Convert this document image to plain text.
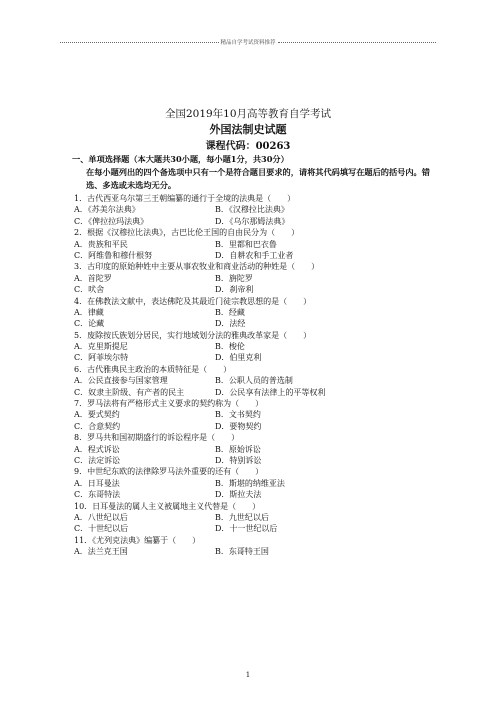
精品自学考试资料推荐
全国2019年10月高等教育自学考试
外国法制史试题
课程代码：00263
一、单项选择题（本大题共30小题，每小题1分，共30分）
在每小题列出的四个备选项中只有一个是符合题目要求的，请将其代码填写在题后的括号内。错选、多选或未选均无分。
1．古代西亚乌尔第三王朝编纂的通行于全境的法典是（　　）
A．《苏美尔法典》	B．《汉穆拉比法典》
C．《俾拉拉玛法典》	D．《乌尔那姆法典》
2．根据《汉穆拉比法典》，古巴比伦王国的自由民分为（　　）
A．贵族和平民	B．里都和巴衣鲁
C．阿维鲁和穆什根努	D．自耕农和手工业者
3．古印度的原始种姓中主要从事农牧业和商业活动的种姓是（　　）
A．首陀罗	B．旃陀罗
C．吠舍	D．刹帝利
4．在佛教法文献中，表达佛陀及其最近门徒宗教思想的是（　　）
A．律藏	B．经藏
C．论藏	D．法经
5．废除按氏族划分居民，实行地域划分法的雅典改革家是（　　）
A．克里斯提尼	B．梭伦
C．阿菲埃尔特	D．伯里克利
6．古代雅典民主政治的本质特征是（　　）
A．公民直接参与国家管理	B．公职人员的普选制
C．奴隶主阶级、有产者的民主	D．公民享有法律上的平等权利
7．罗马法将有严格形式主义要求的契约称为（　　）
A．要式契约	B．文书契约
C．合意契约	D．要物契约
8．罗马共和国初期盛行的诉讼程序是（　　）
A．程式诉讼	B．原始诉讼
C．法定诉讼	D．特别诉讼
9．中世纪东欧的法律除罗马法外重要的还有（　　）
A．日耳曼法	B．斯堪的纳维亚法
C．东哥特法	D．斯拉夫法
10．日耳曼法的属人主义被属地主义代替是（　　）
A．八世纪以后	B．九世纪以后
C．十世纪以后	D．十一世纪以后
11．《尤列克法典》编纂于（　　）
A．法兰克王国	B．东哥特王国
1
